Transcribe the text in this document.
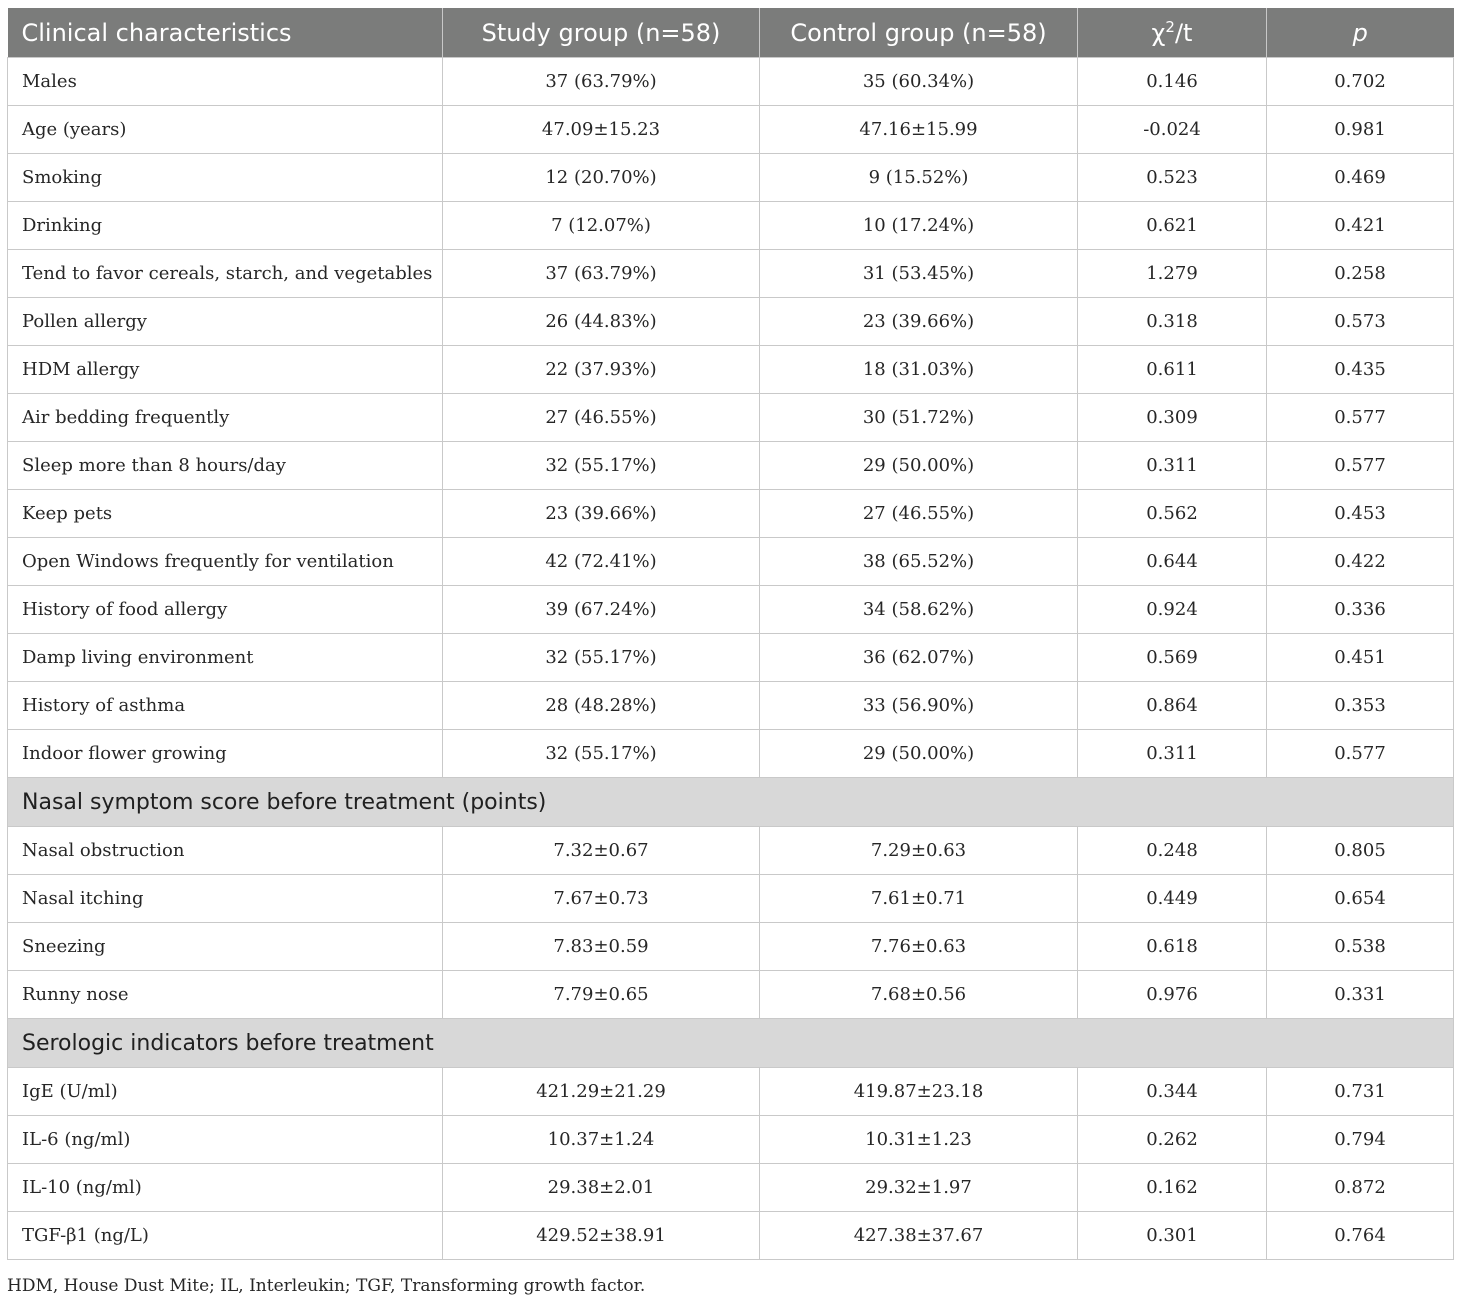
Clinical characteristics	Study group (n=58)	Control group (n=58)	$\chi^2/t$	p
Males	37 (63.79%)	35 (60.34%)	0.146	0.702
Age (years)	47.09±15.23	47.16±15.99	-0.024	0.981
Smoking	12 (20.70%)	9 (15.52%)	0.523	0.469
Drinking	7 (12.07%)	10 (17.24%)	0.621	0.421
Tend to favor cereals, starch, and vegetables	37 (63.79%)	31 (53.45%)	1.279	0.258
Pollen allergy	26 (44.83%)	23 (39.66%)	0.318	0.573
HDM allergy	22 (37.93%)	18 (31.03%)	0.611	0.435
Air bedding frequently	27 (46.55%)	30 (51.72%)	0.309	0.577
Sleep more than 8 hours/day	32 (55.17%)	29 (50.00%)	0.311	0.577
Keep pets	23 (39.66%)	27 (46.55%)	0.562	0.453
Open Windows frequently for ventilation	42 (72.41%)	38 (65.52%)	0.644	0.422
History of food allergy	39 (67.24%)	34 (58.62%)	0.924	0.336
Damp living environment	32 (55.17%)	36 (62.07%)	0.569	0.451
History of asthma	28 (48.28%)	33 (56.90%)	0.864	0.353
Indoor flower growing	32 (55.17%)	29 (50.00%)	0.311	0.577
Nasal symptom score before treatment (points)				
Nasal obstruction	7.32±0.67	7.29±0.63	0.248	0.805
Nasal itching	7.67±0.73	7.61±0.71	0.449	0.654
Sneezing	7.83±0.59	7.76±0.63	0.618	0.538
Runny nose	7.79±0.65	7.68±0.56	0.976	0.331
Serologic indicators before treatment				
IgE (U/ml)	421.29±21.29	419.87±23.18	0.344	0.731
IL-6 (ng/ml)	10.37±1.24	10.31±1.23	0.262	0.794
IL-10 (ng/ml)	29.38±2.01	29.32±1.97	0.162	0.872
TGF-β1 (ng/L)	429.52±38.91	427.38±37.67	0.301	0.764
HDM, House Dust Mite; IL, Interleukin; TGF, Transforming growth factor.
